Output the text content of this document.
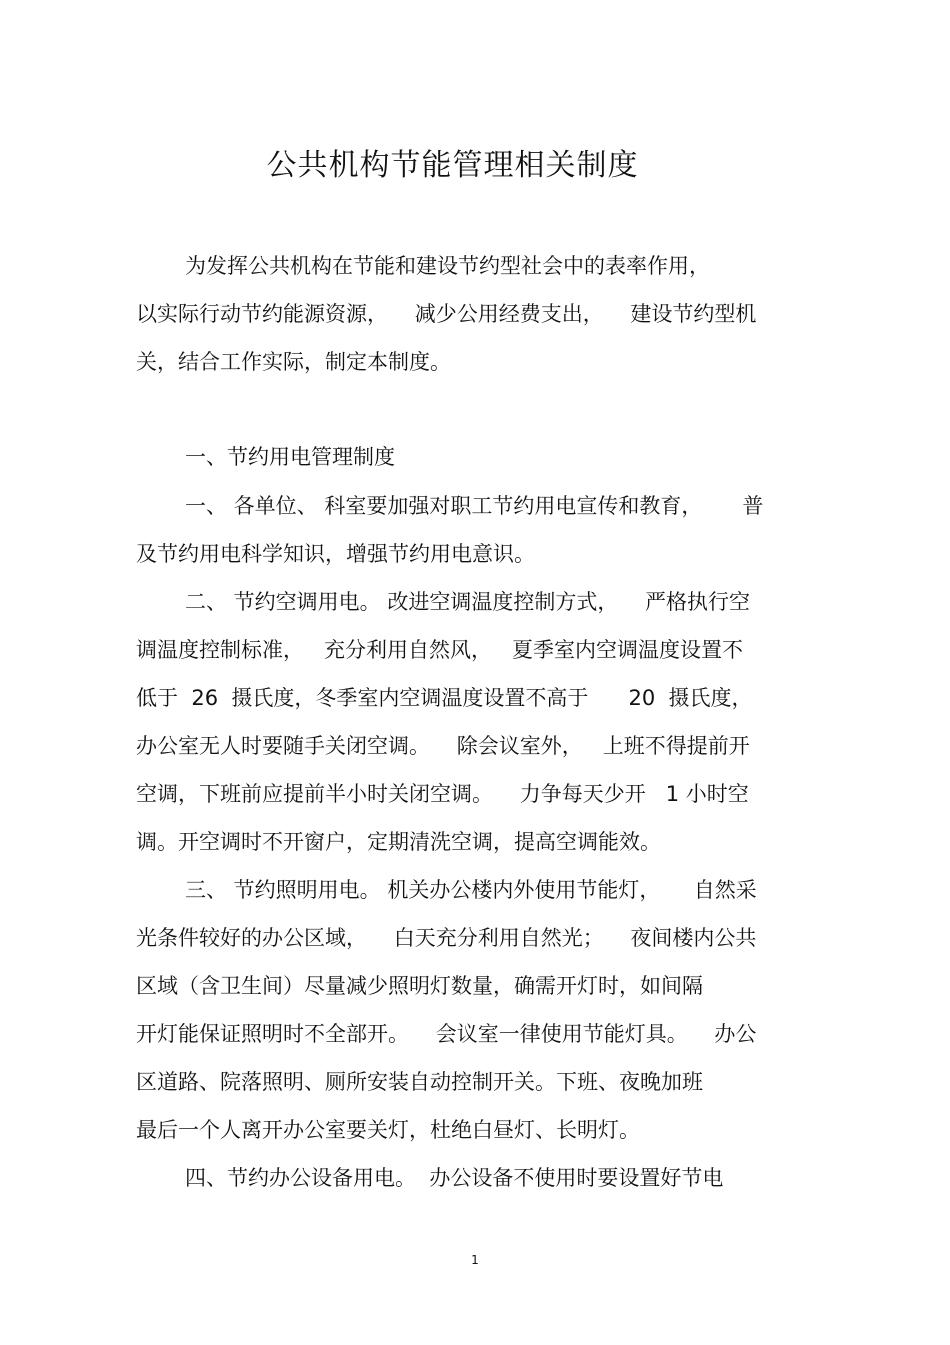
公共机构节能管理相关制度
为发挥公共机构在节能和建设节约型社会中的表率作用，
以实际行动节约能源资源，    减少公用经费支出，    建设节约型机
关，结合工作实际，制定本制度。
一、节约用电管理制度
一、 各单位、 科室要加强对职工节约用电宣传和教育，      普
及节约用电科学知识，增强节约用电意识。
二、 节约空调用电。 改进空调温度控制方式，    严格执行空
调温度控制标准，   充分利用自然风，   夏季室内空调温度设置不
低于  26  摄氏度，冬季室内空调温度设置不高于      20  摄氏度，
办公室无人时要随手关闭空调。    除会议室外，   上班不得提前开
空调，下班前应提前半小时关闭空调。    力争每天少开   1 小时空
调。开空调时不开窗户，定期清洗空调，提高空调能效。
三、 节约照明用电。 机关办公楼内外使用节能灯，     自然采
光条件较好的办公区域，    白天充分利用自然光；    夜间楼内公共
区域（含卫生间）尽量减少照明灯数量，确需开灯时，如间隔
开灯能保证照明时不全部开。    会议室一律使用节能灯具。    办公
区道路、院落照明、厕所安装自动控制开关。下班、夜晚加班
最后一个人离开办公室要关灯，杜绝白昼灯、长明灯。
四、节约办公设备用电。  办公设备不使用时要设置好节电
1
